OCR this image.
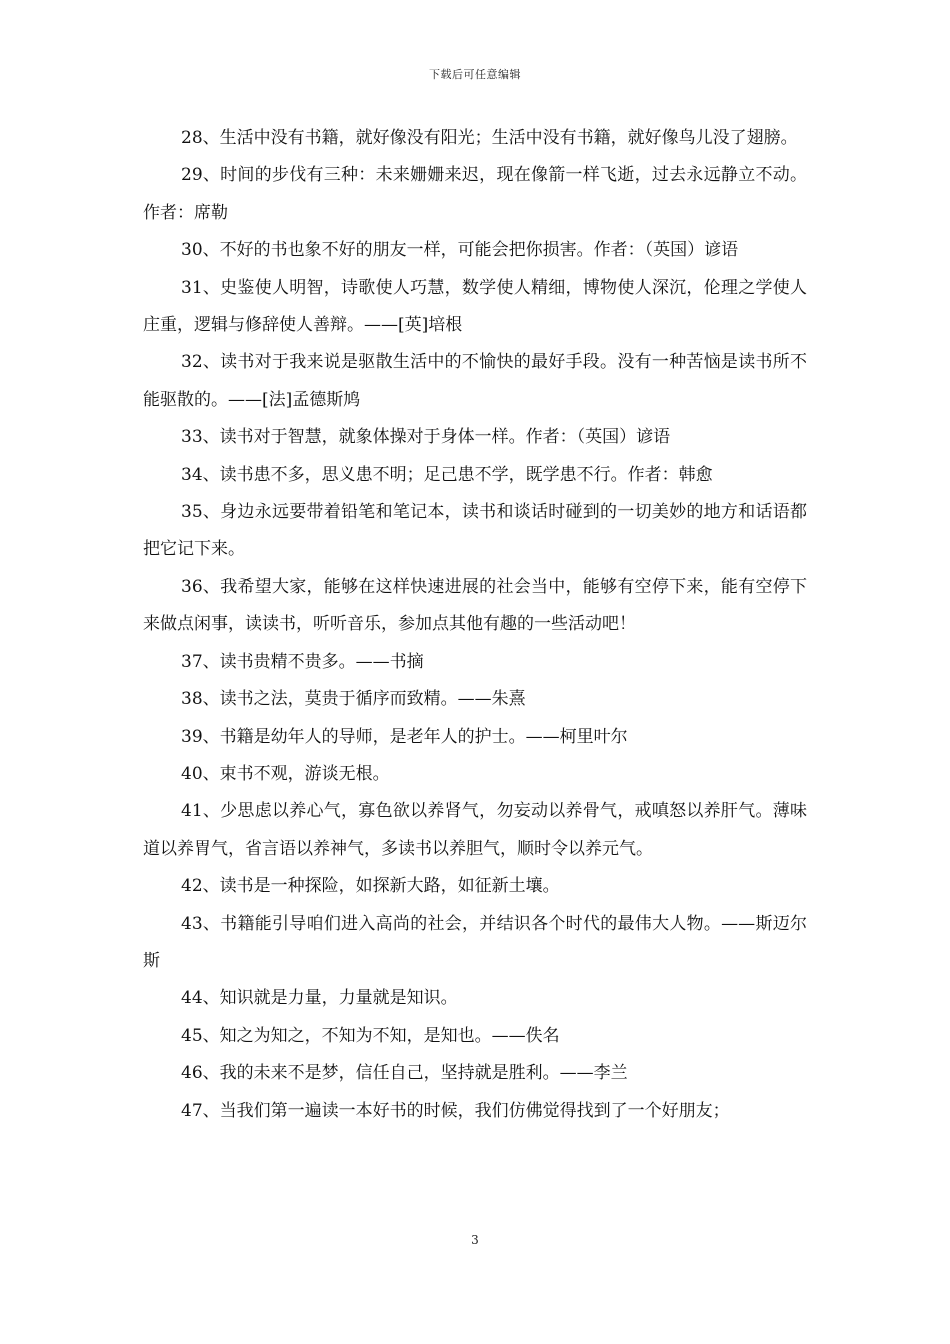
下载后可任意编辑

28、生活中没有书籍，就好像没有阳光；生活中没有书籍，就好像鸟儿没了翅膀。

29、时间的步伐有三种：未来姗姗来迟，现在像箭一样飞逝，过去永远静立不动。作者：席勒

30、不好的书也象不好的朋友一样，可能会把你损害。作者：（英国）谚语

31、史鉴使人明智，诗歌使人巧慧，数学使人精细，博物使人深沉，伦理之学使人庄重，逻辑与修辞使人善辩。——[英]培根

32、读书对于我来说是驱散生活中的不愉快的最好手段。没有一种苦恼是读书所不能驱散的。——[法]孟德斯鸠

33、读书对于智慧，就象体操对于身体一样。作者：（英国）谚语

34、读书患不多，思义患不明；足己患不学，既学患不行。作者：韩愈

35、身边永远要带着铅笔和笔记本，读书和谈话时碰到的一切美妙的地方和话语都把它记下来。

36、我希望大家，能够在这样快速进展的社会当中，能够有空停下来，能有空停下来做点闲事，读读书，听听音乐，参加点其他有趣的一些活动吧！

37、读书贵精不贵多。——书摘

38、读书之法，莫贵于循序而致精。——朱熹

39、书籍是幼年人的导师，是老年人的护士。——柯里叶尔

40、束书不观，游谈无根。

41、少思虑以养心气，寡色欲以养肾气，勿妄动以养骨气，戒嗔怒以养肝气。薄味道以养胃气，省言语以养神气，多读书以养胆气，顺时令以养元气。

42、读书是一种探险，如探新大路，如征新土壤。

43、书籍能引导咱们进入高尚的社会，并结识各个时代的最伟大人物。——斯迈尔斯

44、知识就是力量，力量就是知识。

45、知之为知之，不知为不知，是知也。——佚名

46、我的未来不是梦，信任自己，坚持就是胜利。——李兰

47、当我们第一遍读一本好书的时候，我们仿佛觉得找到了一个好朋友；

3
